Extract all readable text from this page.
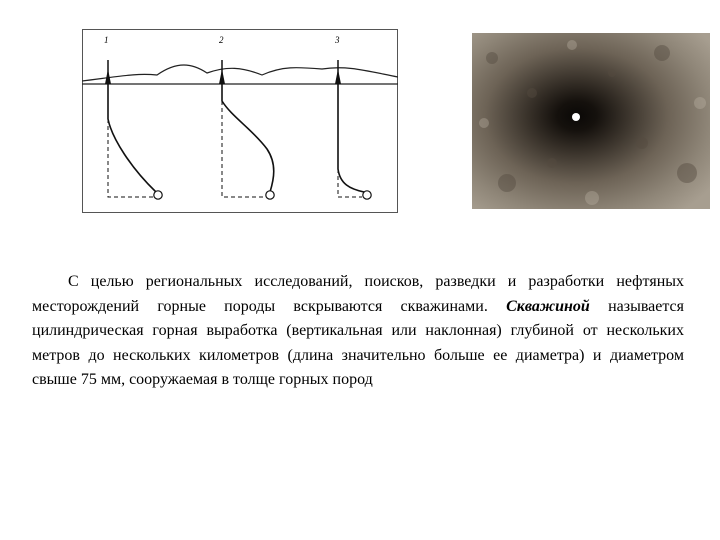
1	2	3

С целью региональных исследований, поисков, разведки и разработки нефтяных месторождений горные породы вскрываются скважинами. Скважиной называется цилиндрическая горная выработка (вертикальная или наклонная) глубиной от нескольких метров до нескольких километров (длина значительно больше ее диаметра) и диаметром свыше 75 мм, сооружаемая в толще горных пород
